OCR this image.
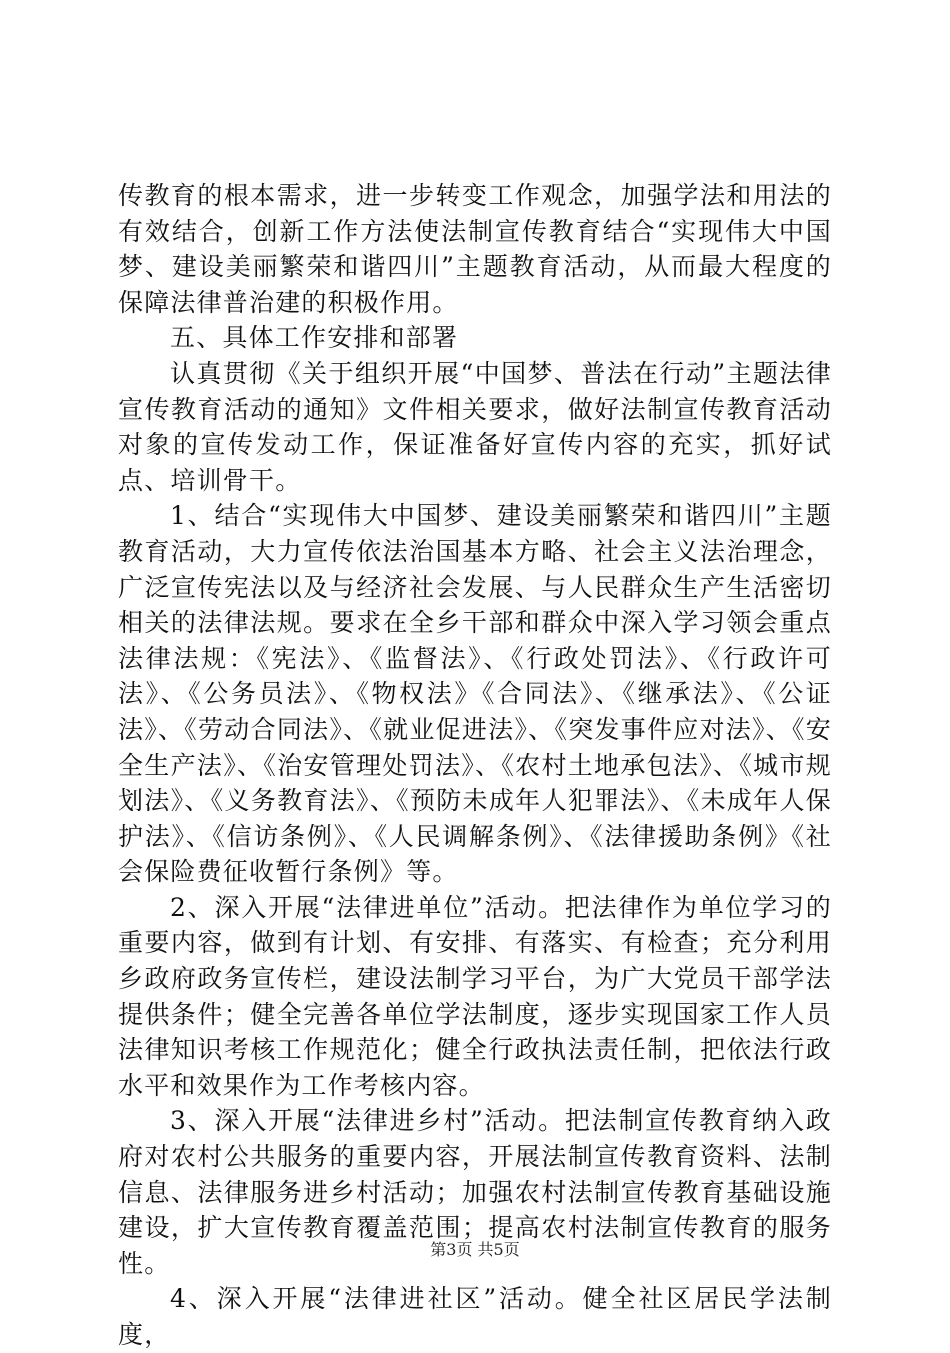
传教育的根本需求，进一步转变工作观念，加强学法和用法的有效结合，创新工作方法使法制宣传教育结合“实现伟大中国梦、建设美丽繁荣和谐四川”主题教育活动，从而最大程度的保障法律普治建的积极作用。

五、具体工作安排和部署

认真贯彻《关于组织开展“中国梦、普法在行动”主题法律宣传教育活动的通知》文件相关要求，做好法制宣传教育活动对象的宣传发动工作，保证准备好宣传内容的充实，抓好试点、培训骨干。

1、结合“实现伟大中国梦、建设美丽繁荣和谐四川”主题教育活动，大力宣传依法治国基本方略、社会主义法治理念，广泛宣传宪法以及与经济社会发展、与人民群众生产生活密切相关的法律法规。要求在全乡干部和群众中深入学习领会重点法律法规：《宪法》、《监督法》、《行政处罚法》、《行政许可法》、《公务员法》、《物权法》《合同法》、《继承法》、《公证法》、《劳动合同法》、《就业促进法》、《突发事件应对法》、《安全生产法》、《治安管理处罚法》、《农村土地承包法》、《城市规划法》、《义务教育法》、《预防未成年人犯罪法》、《未成年人保护法》、《信访条例》、《人民调解条例》、《法律援助条例》《社会保险费征收暂行条例》等。

2、深入开展“法律进单位”活动。把法律作为单位学习的重要内容，做到有计划、有安排、有落实、有检查；充分利用乡政府政务宣传栏，建设法制学习平台，为广大党员干部学法提供条件；健全完善各单位学法制度，逐步实现国家工作人员法律知识考核工作规范化；健全行政执法责任制，把依法行政水平和效果作为工作考核内容。

3、深入开展“法律进乡村”活动。把法制宣传教育纳入政府对农村公共服务的重要内容，开展法制宣传教育资料、法制信息、法律服务进乡村活动；加强农村法制宣传教育基础设施建设，扩大宣传教育覆盖范围；提高农村法制宣传教育的服务性。

4、深入开展“法律进社区”活动。健全社区居民学法制度，

第3页 共5页
